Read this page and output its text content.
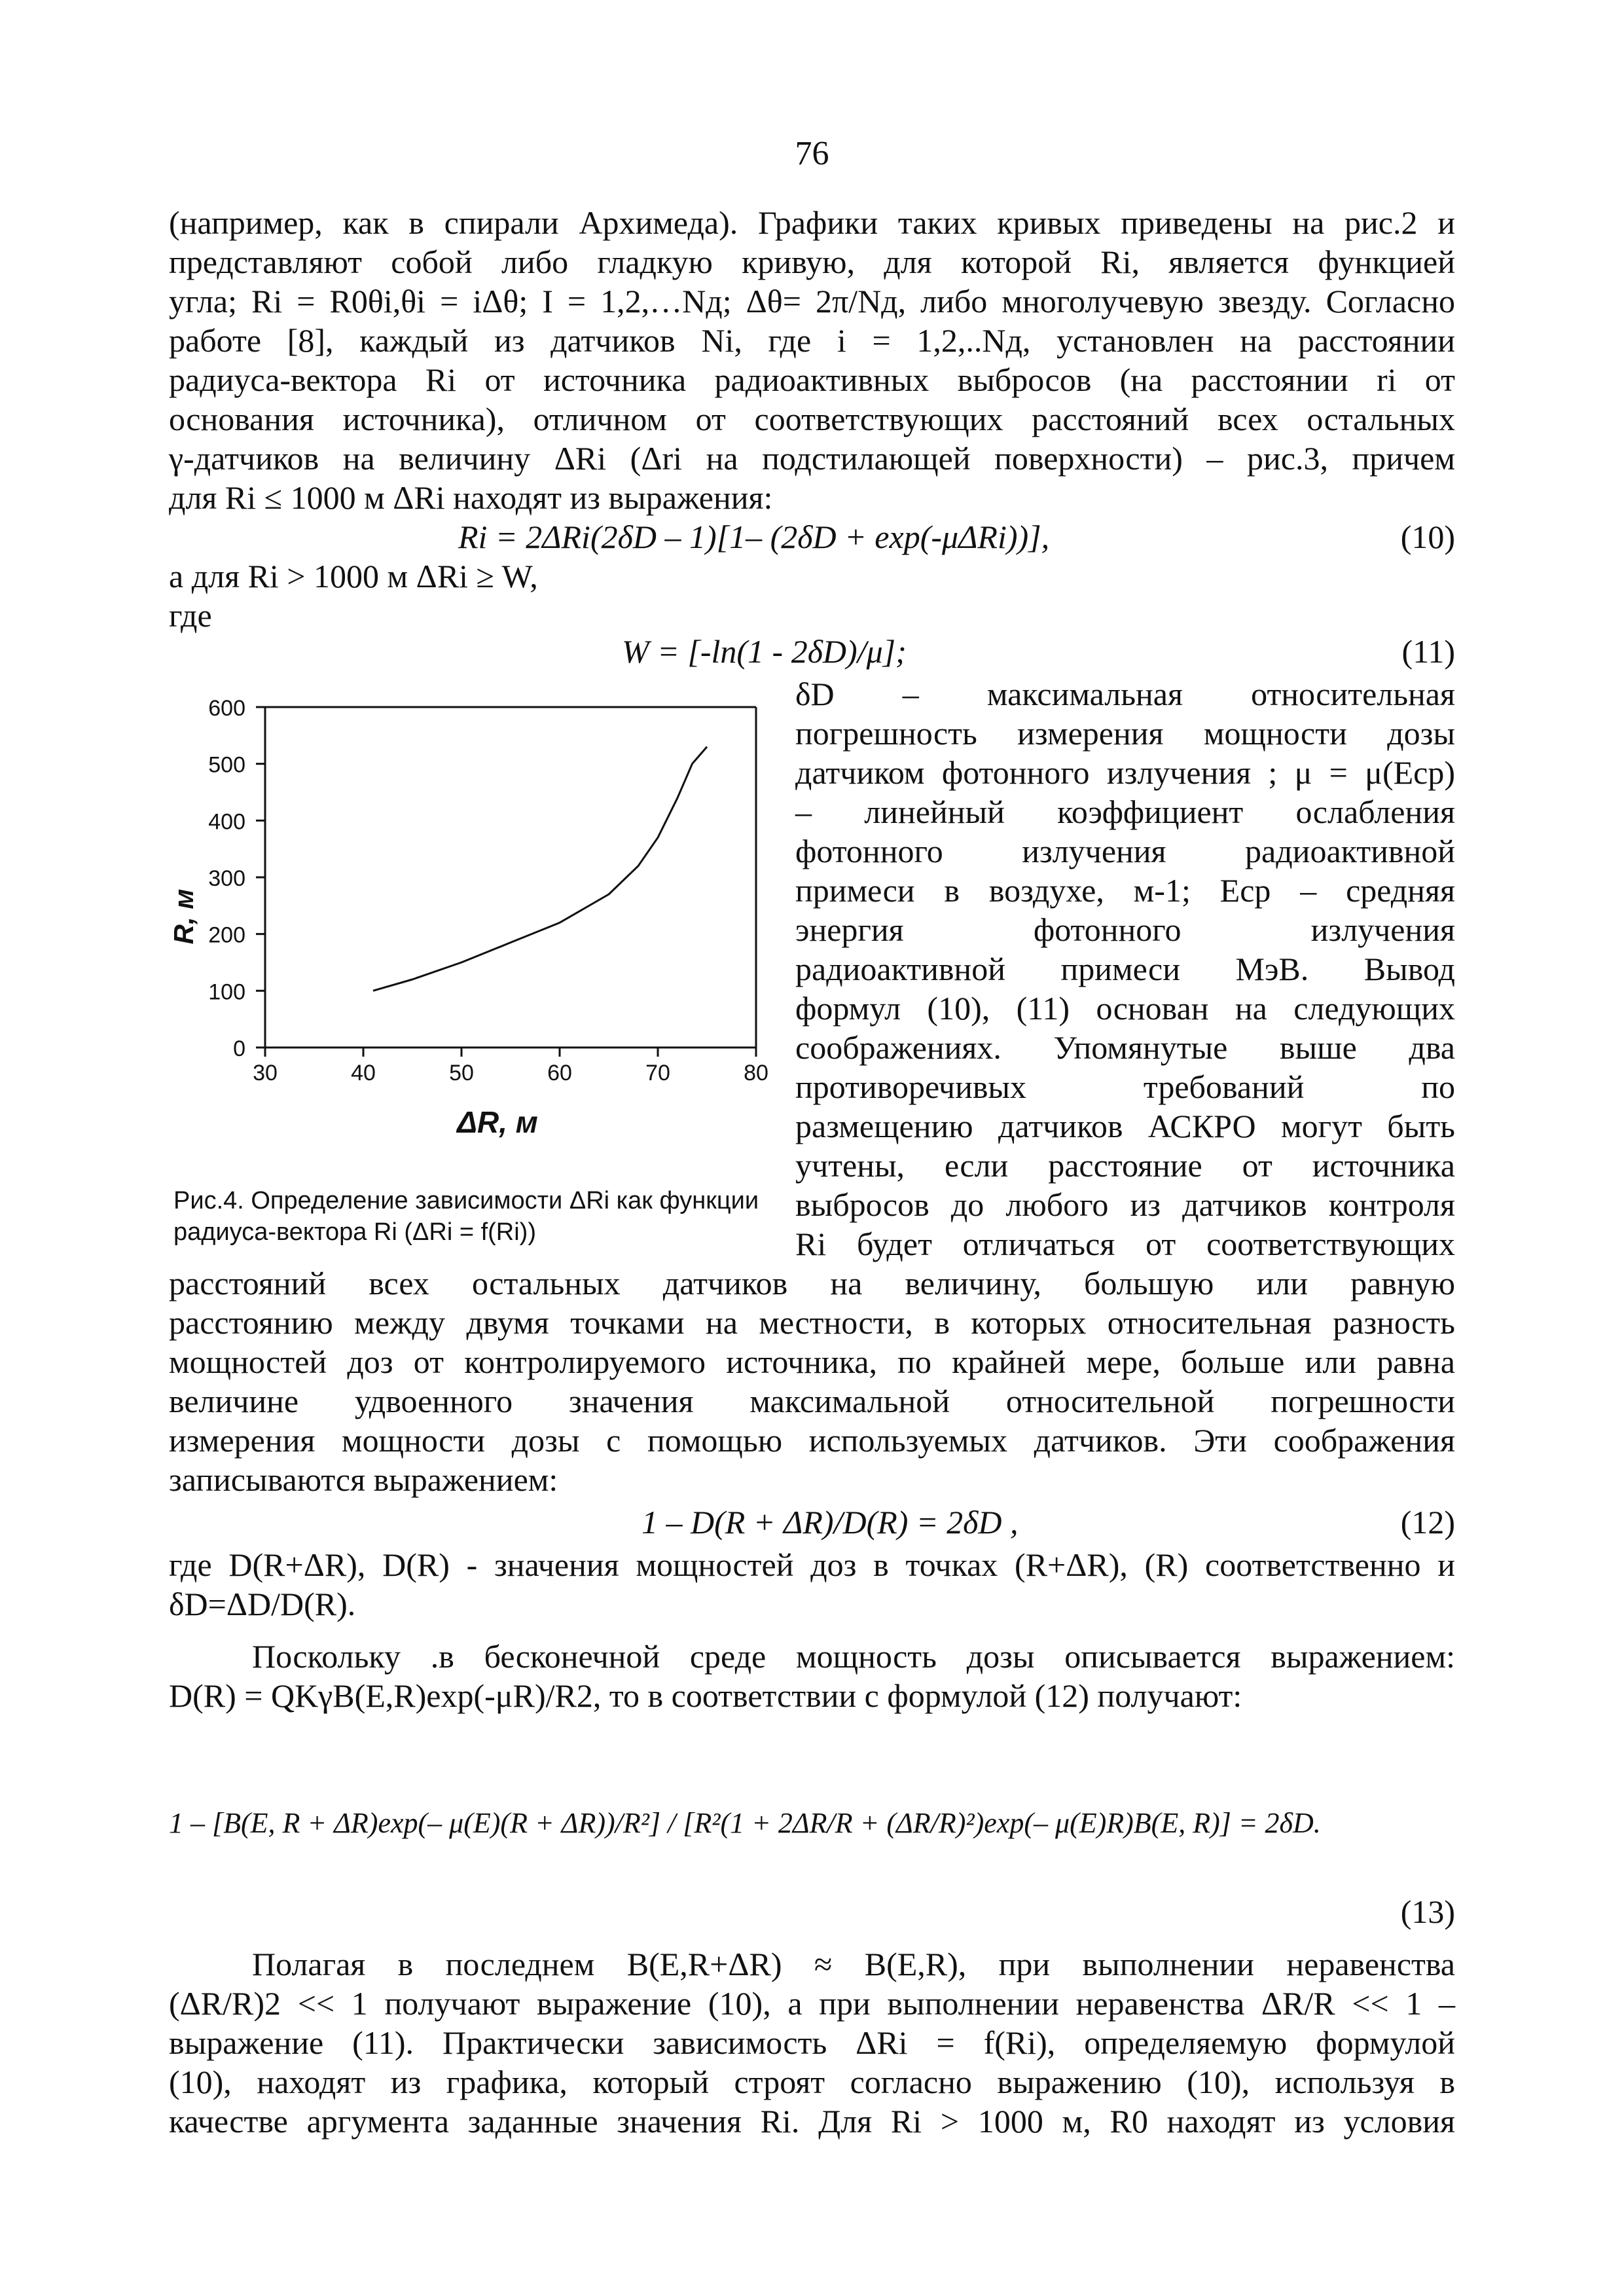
76
(например, как в спирали Архимеда). Графики таких кривых приведены на рис.2 и
представляют собой либо гладкую кривую, для которой Ri, является функцией
угла; Ri = R0θi,θi = iΔθ; I = 1,2,…Nд; Δθ= 2π/Nд, либо многолучевую звезду. Согласно
работе [8], каждый из датчиков Ni, где i = 1,2,..Nд, установлен на расстоянии
радиуса-вектора Ri от источника радиоактивных выбросов (на расстоянии ri от
основания источника), отличном от соответствующих расстояний всех остальных
γ-датчиков на величину ΔRi (Δri на подстилающей поверхности) – рис.3, причем
для Ri ≤ 1000 м ΔRi находят из выражения:
Ri = 2ΔRi(2δD – 1)[1– (2δD + exp(-μΔRi))],	(10)
а для Ri > 1000 м ΔRi ≥ W,
где
W = [-ln(1 - 2δD)/μ];	(11)
0
100
200
300
400
500
600
30	40	50	60	70	80
ΔR, м
R, м
Рис.4. Определение зависимости ΔRi как функции
радиуса-вектора Ri (ΔRi = f(Ri))
δD – максимальная относительная
погрешность измерения мощности дозы
датчиком фотонного излучения ; μ = μ(Eср)
– линейный коэффициент ослабления
фотонного излучения радиоактивной
примеси в воздухе, м-1; Eср – средняя
энергия фотонного излучения
радиоактивной примеси МэВ. Вывод
формул (10), (11) основан на следующих
соображениях. Упомянутые выше два
противоречивых требований по
размещению датчиков АСКРО могут быть
учтены, если расстояние от источника
выбросов до любого из датчиков контроля
Ri будет отличаться от соответствующих
расстояний всех остальных датчиков на величину, большую или равную
расстоянию между двумя точками на местности, в которых относительная разность
мощностей доз от контролируемого источника, по крайней мере, больше или равна
величине удвоенного значения максимальной относительной погрешности
измерения мощности дозы с помощью используемых датчиков. Эти соображения
записываются выражением:
1 – D(R + ΔR)/D(R) = 2δD ,	(12)
где D(R+ΔR), D(R) - значения мощностей доз в точках (R+ΔR), (R) соответственно и
δD=ΔD/D(R).
Поскольку .в бесконечной среде мощность дозы описывается выражением:
D(R) = QKγB(E,R)exp(-μR)/R2, то в соответствии с формулой (12) получают:
1 – [B(E, R + ΔR)exp(– μ(E)(R + ΔR))/R²] / [R²(1 + 2ΔR/R + (ΔR/R)²)exp(– μ(E)R)B(E, R)] = 2δD.
(13)
Полагая в последнем B(E,R+ΔR) ≈ B(E,R), при выполнении неравенства
(ΔR/R)2 << 1 получают выражение (10), а при выполнении неравенства ΔR/R << 1 –
выражение (11). Практически зависимость ΔRi = f(Ri), определяемую формулой
(10), находят из графика, который строят согласно выражению (10), используя в
качестве аргумента заданные значения Ri. Для Ri > 1000 м, R0 находят из условия
